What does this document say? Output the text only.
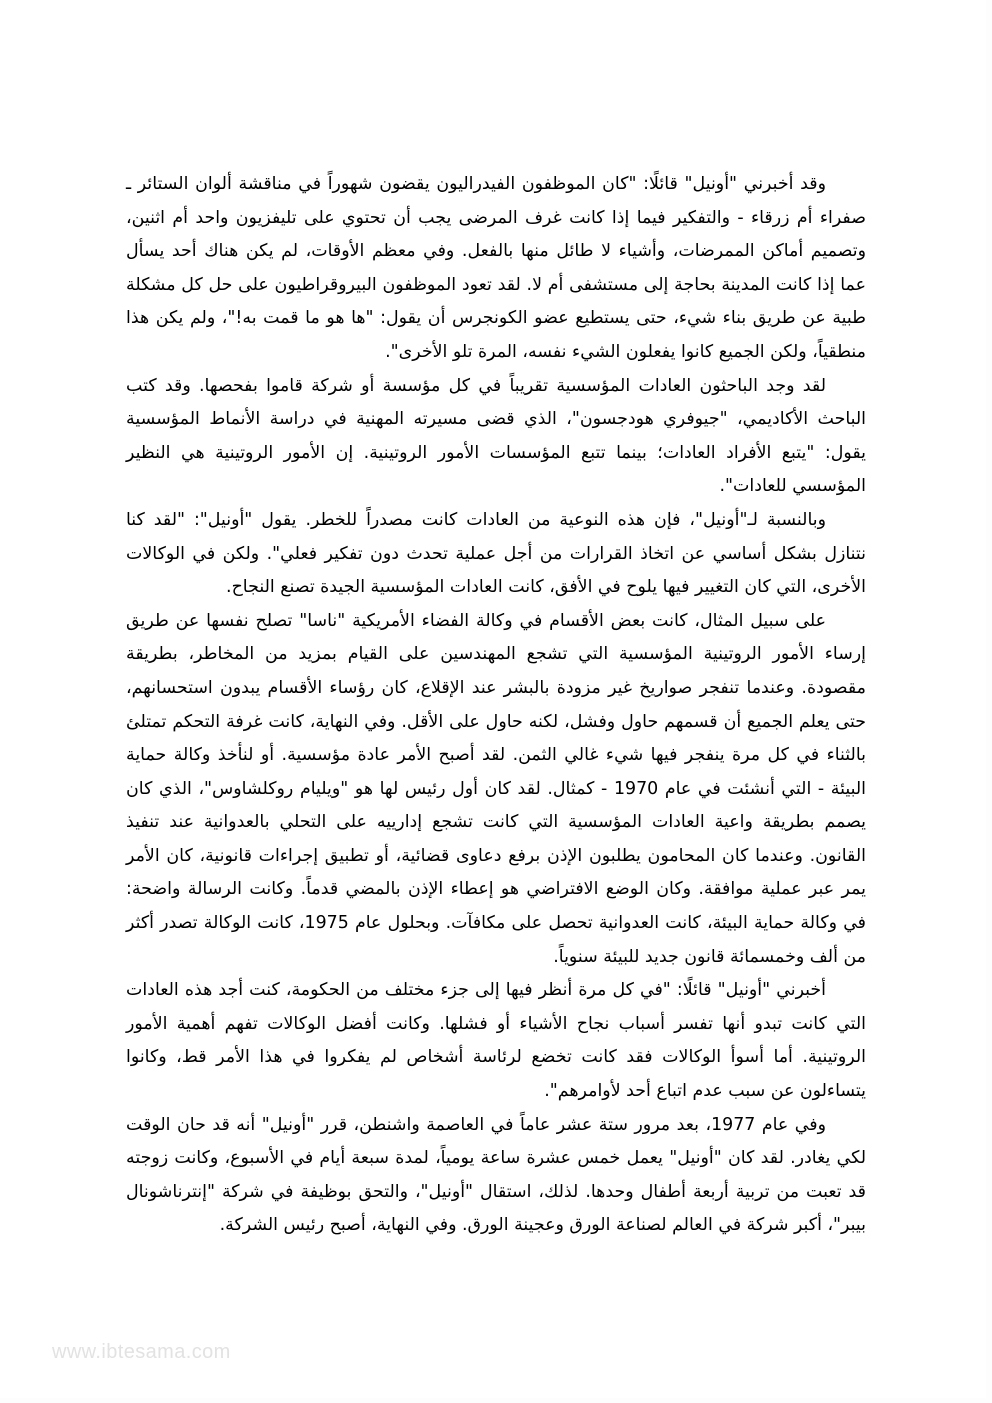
وقد أخبرني "أونيل" قائلًا: "كان الموظفون الفيدراليون يقضون شهوراً في مناقشة ألوان الستائر ـ صفراء أم زرقاء - والتفكير فيما إذا كانت غرف المرضى يجب أن تحتوي على تليفزيون واحد أم اثنين، وتصميم أماكن الممرضات، وأشياء لا طائل منها بالفعل. وفي معظم الأوقات، لم يكن هناك أحد يسأل عما إذا كانت المدينة بحاجة إلى مستشفى أم لا. لقد تعود الموظفون البيروقراطيون على حل كل مشكلة طبية عن طريق بناء شيء، حتى يستطيع عضو الكونجرس أن يقول: "ها هو ما قمت به!"، ولم يكن هذا منطقياً، ولكن الجميع كانوا يفعلون الشيء نفسه، المرة تلو الأخرى".

لقد وجد الباحثون العادات المؤسسية تقريباً في كل مؤسسة أو شركة قاموا بفحصها. وقد كتب الباحث الأكاديمي، "جيوفري هودجسون"، الذي قضى مسيرته المهنية في دراسة الأنماط المؤسسية يقول: "يتبع الأفراد العادات؛ بينما تتبع المؤسسات الأمور الروتينية. إن الأمور الروتينية هي النظير المؤسسي للعادات".

وبالنسبة لـ"أونيل"، فإن هذه النوعية من العادات كانت مصدراً للخطر. يقول "أونيل": "لقد كنا نتنازل بشكل أساسي عن اتخاذ القرارات من أجل عملية تحدث دون تفكير فعلي". ولكن في الوكالات الأخرى، التي كان التغيير فيها يلوح في الأفق، كانت العادات المؤسسية الجيدة تصنع النجاح.

على سبيل المثال، كانت بعض الأقسام في وكالة الفضاء الأمريكية "ناسا" تصلح نفسها عن طريق إرساء الأمور الروتينية المؤسسية التي تشجع المهندسين على القيام بمزيد من المخاطر، بطريقة مقصودة. وعندما تنفجر صواريخ غير مزودة بالبشر عند الإقلاع، كان رؤساء الأقسام يبدون استحسانهم، حتى يعلم الجميع أن قسمهم حاول وفشل، لكنه حاول على الأقل. وفي النهاية، كانت غرفة التحكم تمتلئ بالثناء في كل مرة ينفجر فيها شيء غالي الثمن. لقد أصبح الأمر عادة مؤسسية. أو لنأخذ وكالة حماية البيئة - التي أنشئت في عام 1970 - كمثال. لقد كان أول رئيس لها هو "ويليام روكلشاوس"، الذي كان يصمم بطريقة واعية العادات المؤسسية التي كانت تشجع إدارييه على التحلي بالعدوانية عند تنفيذ القانون. وعندما كان المحامون يطلبون الإذن برفع دعاوى قضائية، أو تطبيق إجراءات قانونية، كان الأمر يمر عبر عملية موافقة. وكان الوضع الافتراضي هو إعطاء الإذن بالمضي قدماً. وكانت الرسالة واضحة: في وكالة حماية البيئة، كانت العدوانية تحصل على مكافآت. وبحلول عام 1975، كانت الوكالة تصدر أكثر من ألف وخمسمائة قانون جديد للبيئة سنوياً.

أخبرني "أونيل" قائلًا: "في كل مرة أنظر فيها إلى جزء مختلف من الحكومة، كنت أجد هذه العادات التي كانت تبدو أنها تفسر أسباب نجاح الأشياء أو فشلها. وكانت أفضل الوكالات تفهم أهمية الأمور الروتينية. أما أسوأ الوكالات فقد كانت تخضع لرئاسة أشخاص لم يفكروا في هذا الأمر قط، وكانوا يتساءلون عن سبب عدم اتباع أحد لأوامرهم".

وفي عام 1977، بعد مرور ستة عشر عاماً في العاصمة واشنطن، قرر "أونيل" أنه قد حان الوقت لكي يغادر. لقد كان "أونيل" يعمل خمس عشرة ساعة يومياً، لمدة سبعة أيام في الأسبوع، وكانت زوجته قد تعبت من تربية أربعة أطفال وحدها. لذلك، استقال "أونيل"، والتحق بوظيفة في شركة "إنترناشونال بيبر"، أكبر شركة في العالم لصناعة الورق وعجينة الورق. وفي النهاية، أصبح رئيس الشركة.

www.ibtesama.com
